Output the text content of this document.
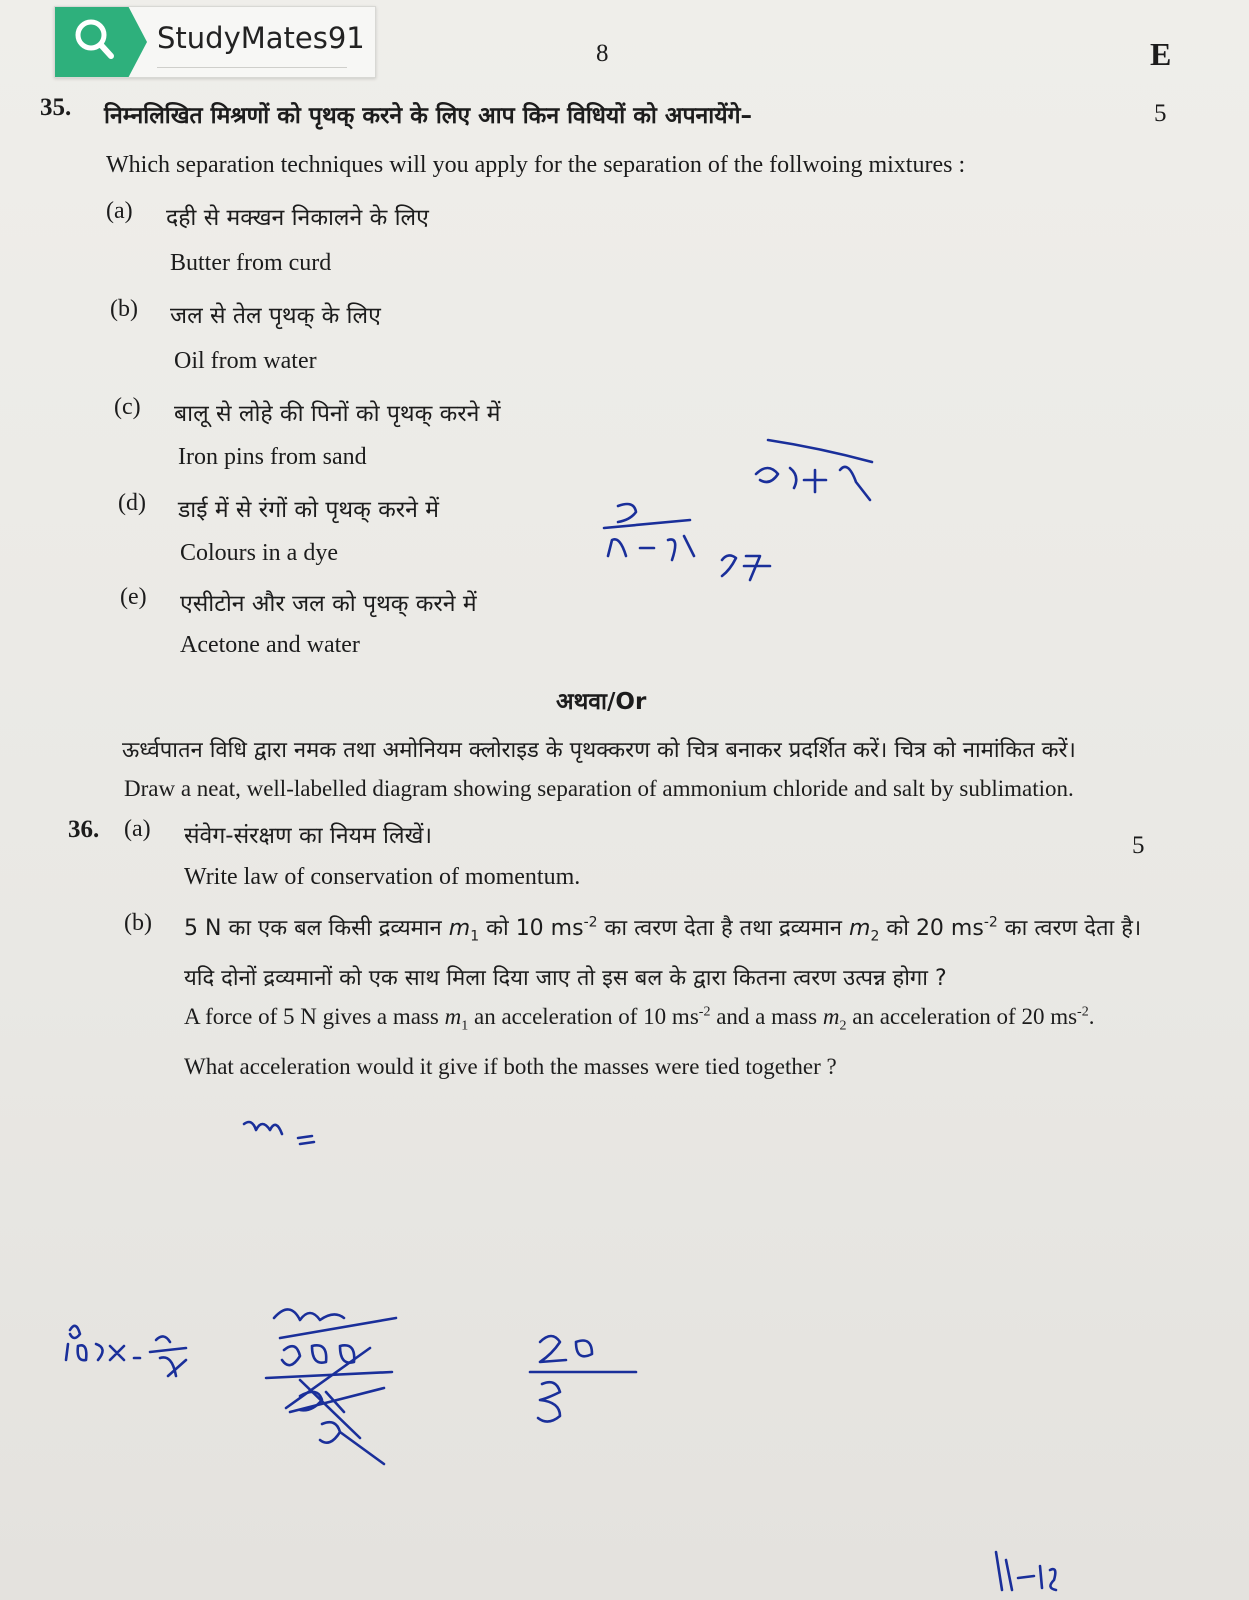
StudyMates91	8	E
35. निम्नलिखित मिश्रणों को पृथक् करने के लिए आप किन विधियों को अपनायेंगे–	5
Which separation techniques will you apply for the separation of the follwoing mixtures :
(a) दही से मक्खन निकालने के लिए
Butter from curd
(b) जल से तेल पृथक् के लिए
Oil from water
(c) बालू से लोहे की पिनों को पृथक् करने में
Iron pins from sand
(d) डाई में से रंगों को पृथक् करने में
Colours in a dye
(e) एसीटोन और जल को पृथक् करने में
Acetone and water
अथवा/Or
ऊर्ध्वपातन विधि द्वारा नमक तथा अमोनियम क्लोराइड के पृथक्करण को चित्र बनाकर प्रदर्शित करें। चित्र को नामांकित करें।
Draw a neat, well-labelled diagram showing separation of ammonium chloride and salt by sublimation.
36. (a) संवेग-संरक्षण का नियम लिखें।	5
Write law of conservation of momentum.
(b) 5 N का एक बल किसी द्रव्यमान $m_1$ को 10 $ms^{-2}$ का त्वरण देता है तथा द्रव्यमान $m_2$ को 20 $ms^{-2}$ का त्वरण देता है।
यदि दोनों द्रव्यमानों को एक साथ मिला दिया जाए तो इस बल के द्वारा कितना त्वरण उत्पन्न होगा ?
A force of 5 N gives a mass $m_1$ an acceleration of 10 $ms^{-2}$ and a mass $m_2$ an acceleration of 20 $ms^{-2}$.
What acceleration would it give if both the masses were tied together ?
